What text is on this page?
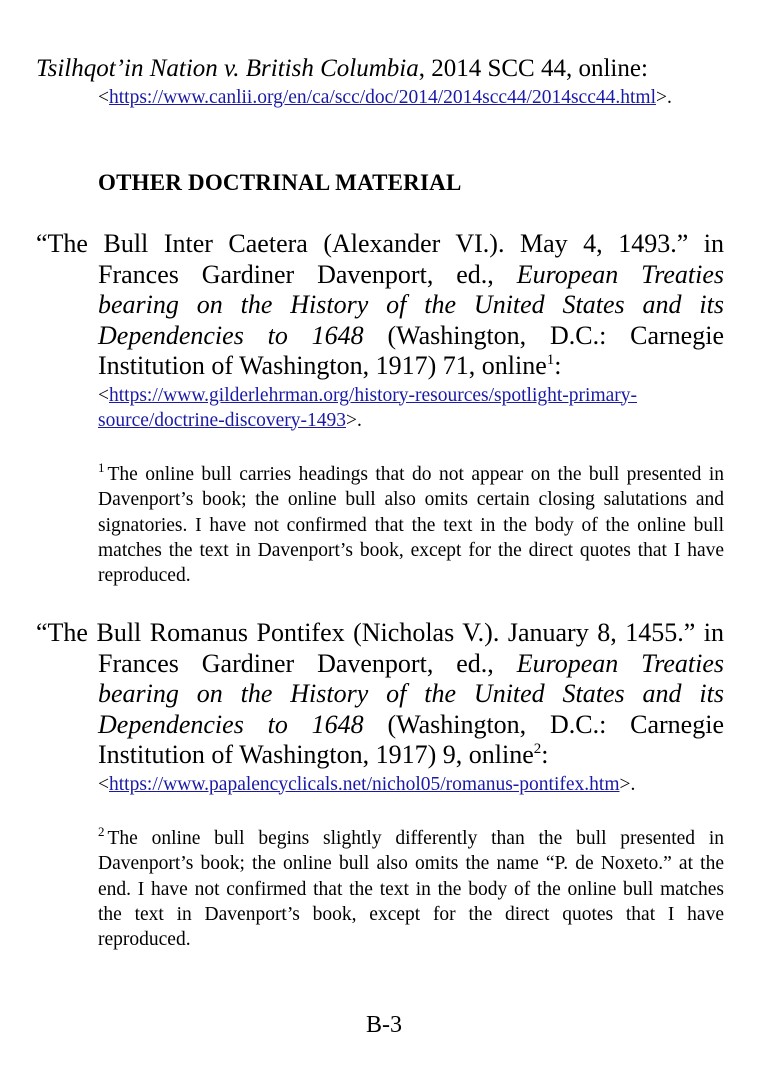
Tsilhqot’in Nation v. British Columbia, 2014 SCC 44, online:
<https://www.canlii.org/en/ca/scc/doc/2014/2014scc44/2014scc44.html>.
OTHER DOCTRINAL MATERIAL
“The Bull Inter Caetera (Alexander VI.). May 4, 1493.” in Frances Gardiner Davenport, ed., European Treaties bearing on the History of the United States and its Dependencies to 1648 (Washington, D.C.: Carnegie Institution of Washington, 1917) 71, online$^1$:
<https://www.gilderlehrman.org/history-resources/spotlight-primary-source/doctrine-discovery-1493>.
$^1$ The online bull carries headings that do not appear on the bull presented in Davenport’s book; the online bull also omits certain closing salutations and signatories. I have not confirmed that the text in the body of the online bull matches the text in Davenport’s book, except for the direct quotes that I have reproduced.
“The Bull Romanus Pontifex (Nicholas V.). January 8, 1455.” in Frances Gardiner Davenport, ed., European Treaties bearing on the History of the United States and its Dependencies to 1648 (Washington, D.C.: Carnegie Institution of Washington, 1917) 9, online$^2$:
<https://www.papalencyclicals.net/nichol05/romanus-pontifex.htm>.
$^2$ The online bull begins slightly differently than the bull presented in Davenport’s book; the online bull also omits the name “P. de Noxeto.” at the end. I have not confirmed that the text in the body of the online bull matches the text in Davenport’s book, except for the direct quotes that I have reproduced.
B-3
